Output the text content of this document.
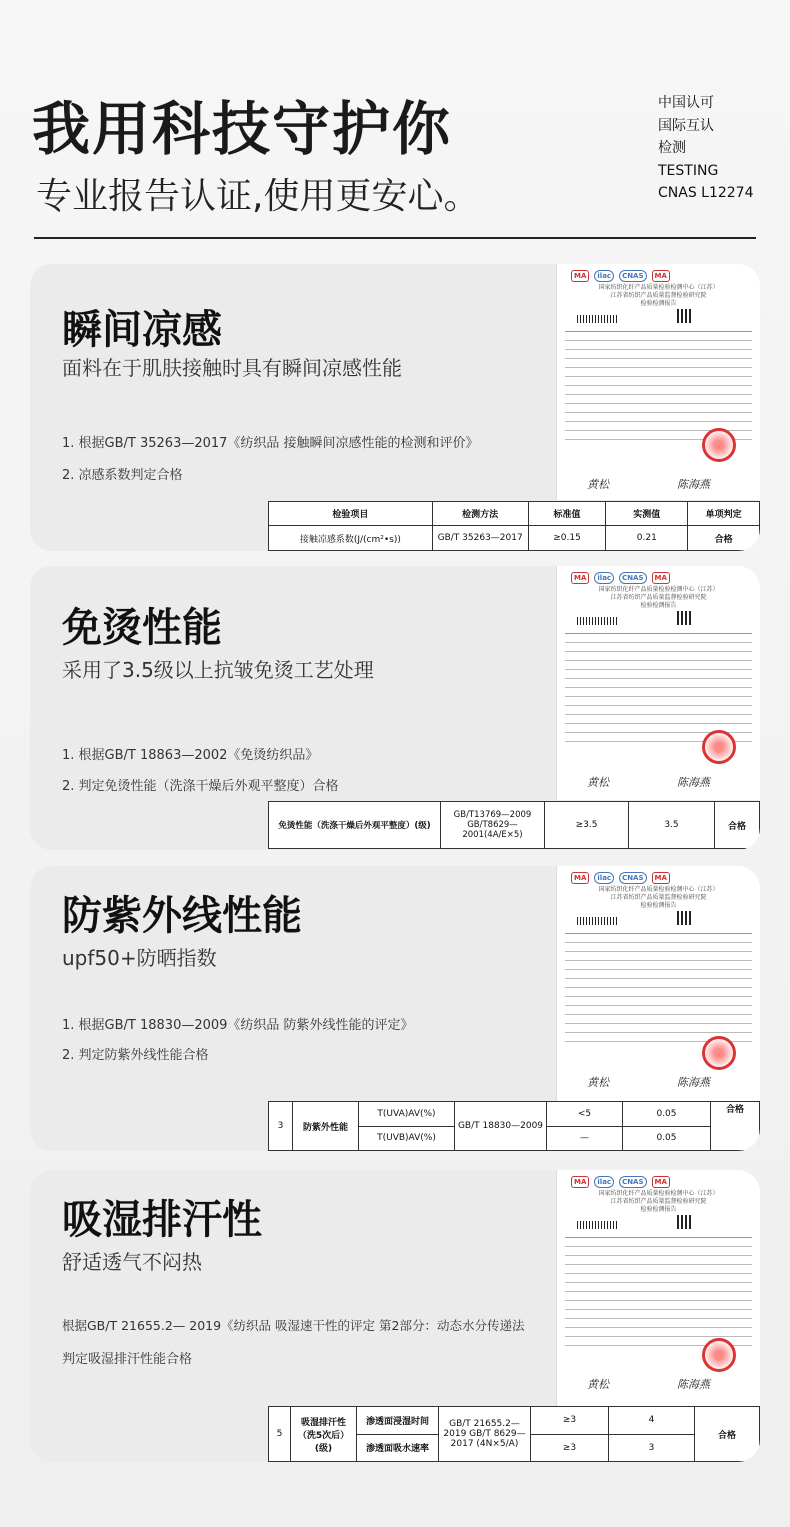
我用科技守护你
专业报告认证,使用更安心。
中国认可
国际互认
检测
TESTING
CNAS L12274
瞬间凉感
面料在于肌肤接触时具有瞬间凉感性能
1. 根据GB/T 35263—2017《纺织品 接触瞬间凉感性能的检测和评价》
2. 凉感系数判定合格
MA	ilac	CNAS	MA
国家纺织化纤产品质量检验检测中心（江苏）
江苏省纺织产品质量监督检验研究院
检验检测报告
黄松	陈海燕
检验项目	检测方法	标准值	实测值	单项判定
接触凉感系数(J/(cm²•s))	GB/T 35263—2017	≥0.15	0.21	合格
免烫性能
采用了3.5级以上抗皱免烫工艺处理
1. 根据GB/T 18863—2002《免烫纺织品》
2. 判定免烫性能（洗涤干燥后外观平整度）合格
MA	ilac	CNAS	MA
国家纺织化纤产品质量检验检测中心（江苏）
江苏省纺织产品质量监督检验研究院
检验检测报告
黄松	陈海燕
免烫性能（洗涤干燥后外观平整度）(级)	GB/T13769—2009 GB/T8629—2001(4A/E×5)	≥3.5	3.5	合格
防紫外线性能
upf50+防晒指数
1. 根据GB/T 18830—2009《纺织品 防紫外线性能的评定》
2. 判定防紫外线性能合格
MA	ilac	CNAS	MA
国家纺织化纤产品质量检验检测中心（江苏）
江苏省纺织产品质量监督检验研究院
检验检测报告
黄松	陈海燕
3	防紫外性能	T(UVA)AV(%)	GB/T 18830—2009	<5	0.05	合格
		T(UVB)AV(%)		—	0.05	
吸湿排汗性
舒适透气不闷热
根据GB/T 21655.2— 2019《纺织品 吸湿速干性的评定 第2部分：动态水分传递法
判定吸湿排汗性能合格
MA	ilac	CNAS	MA
国家纺织化纤产品质量检验检测中心（江苏）
江苏省纺织产品质量监督检验研究院
检验检测报告
黄松	陈海燕
5	吸湿排汗性（洗5次后）(级)	渗透面浸湿时间	GB/T 21655.2—2019 GB/T 8629—2017 (4N×5/A)	≥3	4	合格
		渗透面吸水速率		≥3	3	
